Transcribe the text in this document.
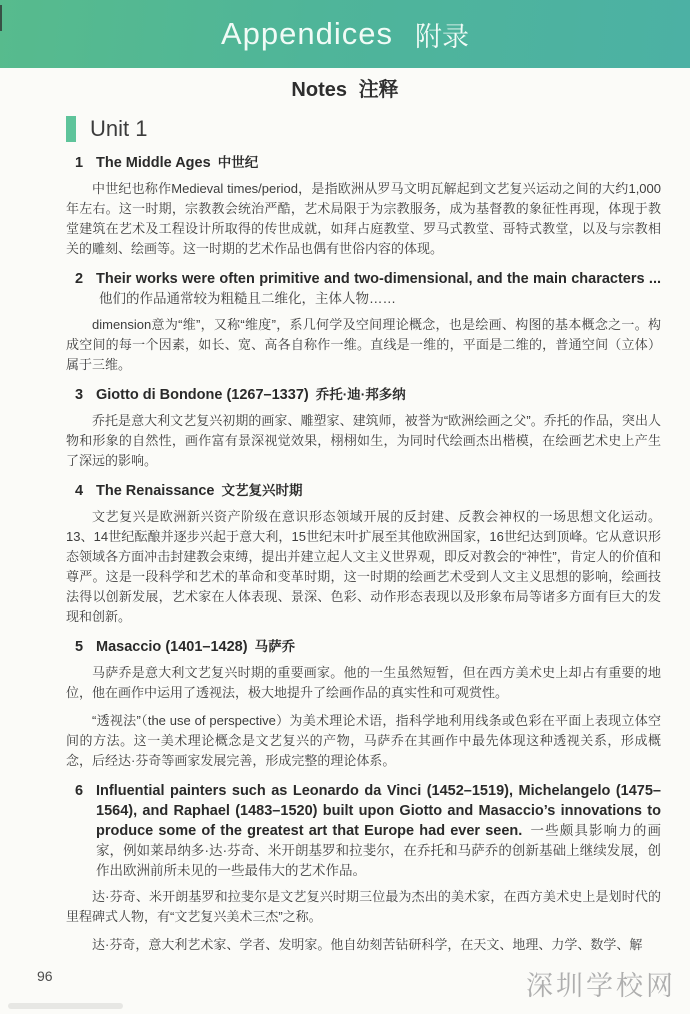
Appendices 附录
Notes 注释
Unit 1
1 The Middle Ages 中世纪

中世纪也称作Medieval times/period，是指欧洲从罗马文明瓦解起到文艺复兴运动之间的大约1,000年左右。这一时期，宗教教会统治严酷，艺术局限于为宗教服务，成为基督教的象征性再现，体现于教堂建筑在艺术及工程设计所取得的传世成就，如拜占庭教堂、罗马式教堂、哥特式教堂，以及与宗教相关的雕刻、绘画等。这一时期的艺术作品也偶有世俗内容的体现。

2 Their works were often primitive and two-dimensional, and the main characters ... 他们的作品通常较为粗糙且二维化，主体人物……

dimension意为“维”，又称“维度”，系几何学及空间理论概念，也是绘画、构图的基本概念之一。构成空间的每一个因素，如长、宽、高各自称作一维。直线是一维的，平面是二维的，普通空间（立体）属于三维。

3 Giotto di Bondone (1267–1337) 乔托·迪·邦多纳

乔托是意大利文艺复兴初期的画家、雕塑家、建筑师，被誉为“欧洲绘画之父”。乔托的作品，突出人物和形象的自然性，画作富有景深视觉效果，栩栩如生，为同时代绘画杰出楷模，在绘画艺术史上产生了深远的影响。

4 The Renaissance 文艺复兴时期

文艺复兴是欧洲新兴资产阶级在意识形态领域开展的反封建、反教会神权的一场思想文化运动。13、14世纪酝酿并逐步兴起于意大利，15世纪末叶扩展至其他欧洲国家，16世纪达到顶峰。它从意识形态领域各方面冲击封建教会束缚，提出并建立起人文主义世界观，即反对教会的“神性”，肯定人的价值和尊严。这是一段科学和艺术的革命和变革时期，这一时期的绘画艺术受到人文主义思想的影响，绘画技法得以创新发展，艺术家在人体表现、景深、色彩、动作形态表现以及形象布局等诸多方面有巨大的发现和创新。

5 Masaccio (1401–1428) 马萨乔

马萨乔是意大利文艺复兴时期的重要画家。他的一生虽然短暂，但在西方美术史上却占有重要的地位，他在画作中运用了透视法，极大地提升了绘画作品的真实性和可观赏性。

“透视法”（the use of perspective）为美术理论术语，指科学地利用线条或色彩在平面上表现立体空间的方法。这一美术理论概念是文艺复兴的产物，马萨乔在其画作中最先体现这种透视关系，形成概念，后经达·芬奇等画家发展完善，形成完整的理论体系。

6 Influential painters such as Leonardo da Vinci (1452–1519), Michelangelo (1475–1564), and Raphael (1483–1520) built upon Giotto and Masaccio’s innovations to produce some of the greatest art that Europe had ever seen. 一些颇具影响力的画家，例如莱昂纳多·达·芬奇、米开朗基罗和拉斐尔，在乔托和马萨乔的创新基础上继续发展，创作出欧洲前所未见的一些最伟大的艺术作品。

达·芬奇、米开朗基罗和拉斐尔是文艺复兴时期三位最为杰出的美术家，在西方美术史上是划时代的里程碑式人物，有“文艺复兴美术三杰”之称。

达·芬奇，意大利艺术家、学者、发明家。他自幼刻苦钻研科学，在天文、地理、力学、数学、解

96	深圳学校网
